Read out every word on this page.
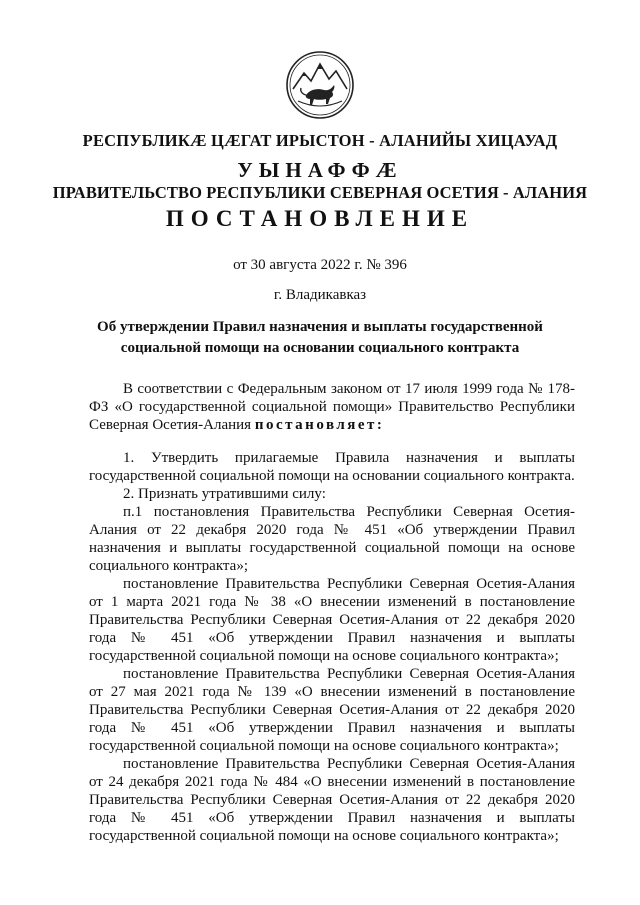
РЕСПУБЛИКӔ ЦӔГАТ ИРЫСТОН - АЛАНИЙЫ ХИЦАУАД
УЫНАФФӔ
ПРАВИТЕЛЬСТВО РЕСПУБЛИКИ СЕВЕРНАЯ ОСЕТИЯ - АЛАНИЯ
ПОСТАНОВЛЕНИЕ
от 30 августа 2022 г. № 396
г. Владикавказ
Об утверждении Правил назначения и выплаты государственной
социальной помощи на основании социального контракта

В соответствии с Федеральным законом от 17 июля 1999 года № 178-ФЗ «О государственной социальной помощи» Правительство Республики Северная Осетия-Алания постановляет:

1. Утвердить прилагаемые Правила назначения и выплаты государственной социальной помощи на основании социального контракта.

2. Признать утратившими силу:

п.1 постановления Правительства Республики Северная Осетия-Алания от 22 декабря 2020 года № 451 «Об утверждении Правил назначения и выплаты государственной социальной помощи на основе социального контракта»;

постановление Правительства Республики Северная Осетия-Алания от 1 марта 2021 года № 38 «О внесении изменений в постановление Правительства Республики Северная Осетия-Алания от 22 декабря 2020 года № 451 «Об утверждении Правил назначения и выплаты государственной социальной помощи на основе социального контракта»;

постановление Правительства Республики Северная Осетия-Алания от 27 мая 2021 года № 139 «О внесении изменений в постановление Правительства Республики Северная Осетия-Алания от 22 декабря 2020 года № 451 «Об утверждении Правил назначения и выплаты государственной социальной помощи на основе социального контракта»;

постановление Правительства Республики Северная Осетия-Алания от 24 декабря 2021 года № 484 «О внесении изменений в постановление Правительства Республики Северная Осетия-Алания от 22 декабря 2020 года № 451 «Об утверждении Правил назначения и выплаты государственной социальной помощи на основе социального контракта»;
